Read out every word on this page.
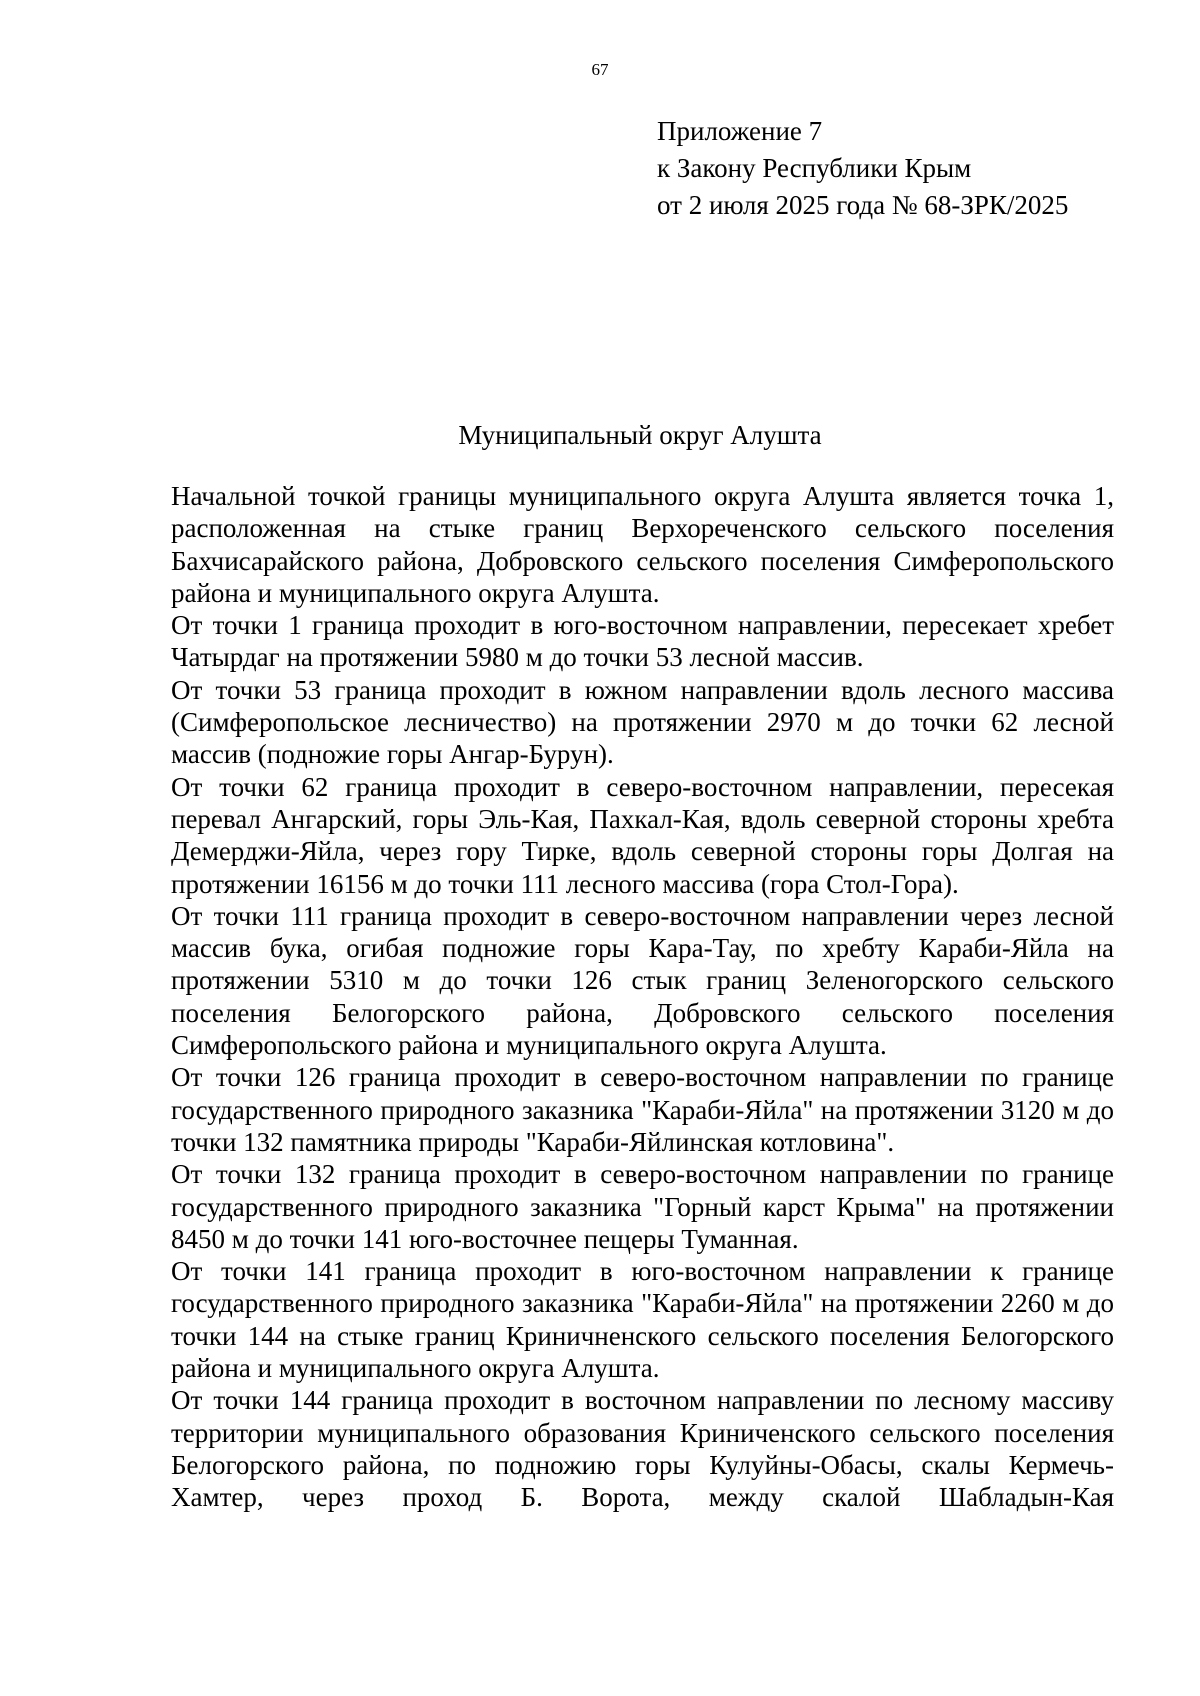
67
Приложение 7
к Закону Республики Крым
от 2 июля 2025 года № 68-ЗРК/2025
Муниципальный округ Алушта

Начальной точкой границы муниципального округа Алушта является точка 1, расположенная на стыке границ Верхореченского сельского поселения Бахчисарайского района, Добровского сельского поселения Симферопольского района и муниципального округа Алушта.

От точки 1 граница проходит в юго-восточном направлении, пересекает хребет Чатырдаг на протяжении 5980 м до точки 53 лесной массив.

От точки 53 граница проходит в южном направлении вдоль лесного массива (Симферопольское лесничество) на протяжении 2970 м до точки 62 лесной массив (подножие горы Ангар-Бурун).

От точки 62 граница проходит в северо-восточном направлении, пересекая перевал Ангарский, горы Эль-Кая, Пахкал-Кая, вдоль северной стороны хребта Демерджи-Яйла, через гору Тирке, вдоль северной стороны горы Долгая на протяжении 16156 м до точки 111 лесного массива (гора Стол-Гора).

От точки 111 граница проходит в северо-восточном направлении через лесной массив бука, огибая подножие горы Кара-Тау, по хребту Караби-Яйла на протяжении 5310 м до точки 126 стык границ Зеленогорского сельского поселения Белогорского района, Добровского сельского поселения Симферопольского района и муниципального округа Алушта.

От точки 126 граница проходит в северо-восточном направлении по границе государственного природного заказника "Караби-Яйла" на протяжении 3120 м до точки 132 памятника природы "Караби-Яйлинская котловина".

От точки 132 граница проходит в северо-восточном направлении по границе государственного природного заказника "Горный карст Крыма" на протяжении 8450 м до точки 141 юго-восточнее пещеры Туманная.

От точки 141 граница проходит в юго-восточном направлении к границе государственного природного заказника "Караби-Яйла" на протяжении 2260 м до точки 144 на стыке границ Криничненского сельского поселения Белогорского района и муниципального округа Алушта.

От точки 144 граница проходит в восточном направлении по лесному массиву территории муниципального образования Криниченского сельского поселения Белогорского района, по подножию горы Кулуйны-Обасы, скалы Кермечь-Хамтер, через проход Б. Ворота, между скалой Шабладын-Кая
